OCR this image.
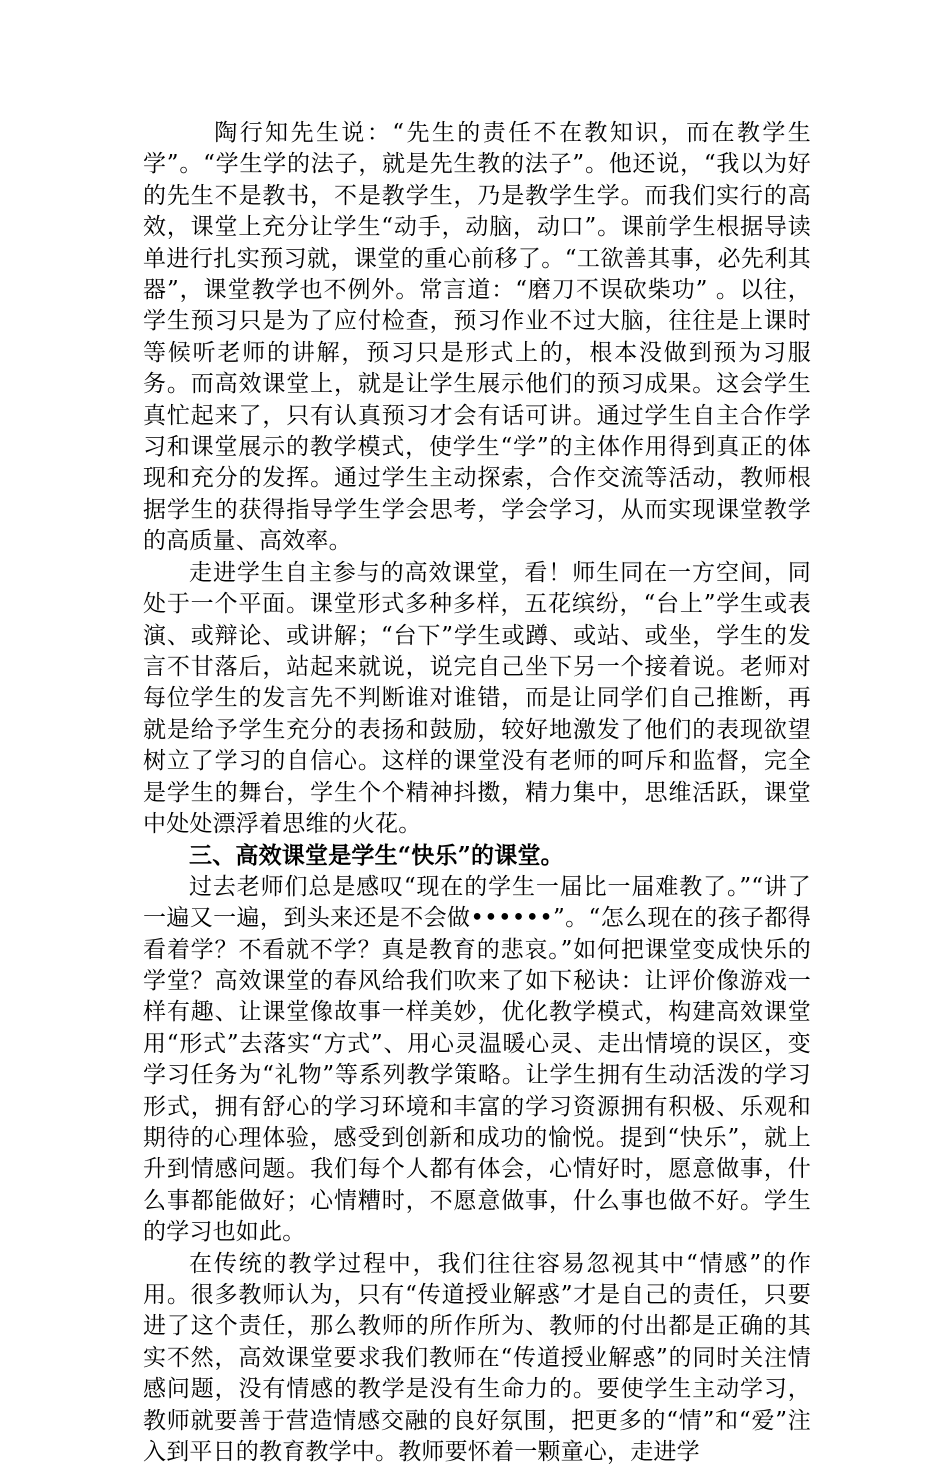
陶行知先生说：“先生的责任不在教知识，而在教学生学”。“学生学的法子，就是先生教的法子”。他还说，“我以为好的先生不是教书，不是教学生，乃是教学生学。而我们实行的高效，课堂上充分让学生“动手，动脑，动口”。课前学生根据导读单进行扎实预习就，课堂的重心前移了。“工欲善其事，必先利其器”，课堂教学也不例外。常言道：“磨刀不误砍柴功” 。以往，学生预习只是为了应付检查，预习作业不过大脑，往往是上课时等候听老师的讲解，预习只是形式上的，根本没做到预为习服务。而高效课堂上，就是让学生展示他们的预习成果。这会学生真忙起来了，只有认真预习才会有话可讲。通过学生自主合作学习和课堂展示的教学模式，使学生“学”的主体作用得到真正的体现和充分的发挥。通过学生主动探索，合作交流等活动，教师根据学生的获得指导学生学会思考，学会学习，从而实现课堂教学的高质量、高效率。

走进学生自主参与的高效课堂，看！师生同在一方空间，同处于一个平面。课堂形式多种多样，五花缤纷，“台上”学生或表演、或辩论、或讲解；“台下”学生或蹲、或站、或坐，学生的发言不甘落后，站起来就说，说完自己坐下另一个接着说。老师对每位学生的发言先不判断谁对谁错，而是让同学们自己推断，再就是给予学生充分的表扬和鼓励，较好地激发了他们的表现欲望树立了学习的自信心。这样的课堂没有老师的呵斥和监督，完全是学生的舞台，学生个个精神抖擞，精力集中，思维活跃，课堂中处处漂浮着思维的火花。

三、高效课堂是学生“快乐”的课堂。

过去老师们总是感叹“现在的学生一届比一届难教了。”“讲了一遍又一遍，到头来还是不会做••••••”。“怎么现在的孩子都得看着学？不看就不学？真是教育的悲哀。”如何把课堂变成快乐的学堂？高效课堂的春风给我们吹来了如下秘诀：让评价像游戏一样有趣、让课堂像故事一样美妙，优化教学模式，构建高效课堂用“形式”去落实“方式”、用心灵温暖心灵、走出情境的误区，变学习任务为“礼物”等系列教学策略。让学生拥有生动活泼的学习形式，拥有舒心的学习环境和丰富的学习资源拥有积极、乐观和期待的心理体验，感受到创新和成功的愉悦。提到“快乐”，就上升到情感问题。我们每个人都有体会，心情好时，愿意做事，什么事都能做好；心情糟时，不愿意做事，什么事也做不好。学生的学习也如此。

在传统的教学过程中，我们往往容易忽视其中“情感”的作用。很多教师认为，只有“传道授业解惑”才是自己的责任，只要进了这个责任，那么教师的所作所为、教师的付出都是正确的其实不然，高效课堂要求我们教师在“传道授业解惑”的同时关注情感问题，没有情感的教学是没有生命力的。要使学生主动学习，教师就要善于营造情感交融的良好氛围，把更多的“情”和“爱”注入到平日的教育教学中。教师要怀着一颗童心，走进学
